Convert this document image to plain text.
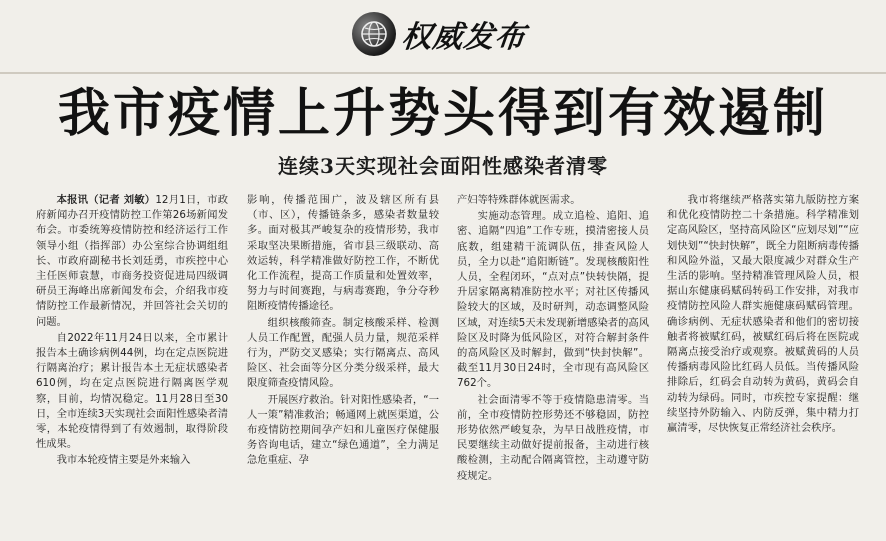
权威发布
我市疫情上升势头得到有效遏制
连续3天实现社会面阳性感染者清零

本报讯（记者 刘敏）12月1日，市政府新闻办召开疫情防控工作第26场新闻发布会。市委统筹疫情防控和经济运行工作领导小组（指挥部）办公室综合协调组组长、市政府副秘书长刘廷勇，市疾控中心主任医师袁慧，市商务投资促进局四级调研员王海峰出席新闻发布会，介绍我市疫情防控工作最新情况，并回答社会关切的问题。

自2022年11月24日以来，全市累计报告本土确诊病例44例，均在定点医院进行隔离治疗；累计报告本土无症状感染者610例，均在定点医院进行隔离医学观察，目前，均情况稳定。11月28日至30日，全市连续3天实现社会面阳性感染者清零，本轮疫情得到了有效遏制，取得阶段性成果。

我市本轮疫情主要是外来输入

影响，传播范围广，波及辖区所有县（市、区），传播链条多，感染者数量较多。面对极其严峻复杂的疫情形势，我市采取坚决果断措施，省市县三级联动、高效运转，科学精准做好防控工作，不断优化工作流程，提高工作质量和处置效率，努力与时间赛跑，与病毒赛跑，争分夺秒阻断疫情传播途径。

组织核酸筛查。制定核酸采样、检测人员工作配置，配强人员力量，规范采样行为，严防交叉感染；实行隔离点、高风险区、社会面等分区分类分级采样，最大限度筛查疫情风险。

开展医疗救治。针对阳性感染者，“一人一策”精准救治；畅通网上就医渠道，公布疫情防控期间孕产妇和儿童医疗保健服务咨询电话，建立“绿色通道”，全力满足急危重症、孕

产妇等特殊群体就医需求。

实施动态管理。成立追检、追阳、追密、追隔“四追”工作专班，摸清密接人员底数，组建精干流调队伍，排查风险人员，全力以赴“追阳断链”。发现核酸阳性人员，全程闭环，“点对点”快转快隔，提升居家隔离精准防控水平；对社区传播风险较大的区域，及时研判，动态调整风险区域，对连续5天未发现新增感染者的高风险区及时降为低风险区，对符合解封条件的高风险区及时解封，做到“快封快解”。截至11月30日24时，全市现有高风险区762个。

社会面清零不等于疫情隐患清零。当前，全市疫情防控形势还不够稳固，防控形势依然严峻复杂，为早日战胜疫情，市民要继续主动做好提前报备，主动进行核酸检测，主动配合隔离管控，主动遵守防疫规定。

我市将继续严格落实第九版防控方案和优化疫情防控二十条措施。科学精准划定高风险区，坚持高风险区“应划尽划”“应划快划”“快封快解”，既全力阻断病毒传播和风险外溢，又最大限度减少对群众生产生活的影响。坚持精准管理风险人员，根据山东健康码赋码转码工作安排，对我市疫情防控风险人群实施健康码赋码管理。确诊病例、无症状感染者和他们的密切接触者将被赋红码，被赋红码后将在医院或隔离点接受治疗或观察。被赋黄码的人员传播病毒风险比红码人员低。当传播风险排除后，红码会自动转为黄码，黄码会自动转为绿码。同时，市疾控专家提醒：继续坚持外防输入、内防反弹，集中精力打赢清零，尽快恢复正常经济社会秩序。
